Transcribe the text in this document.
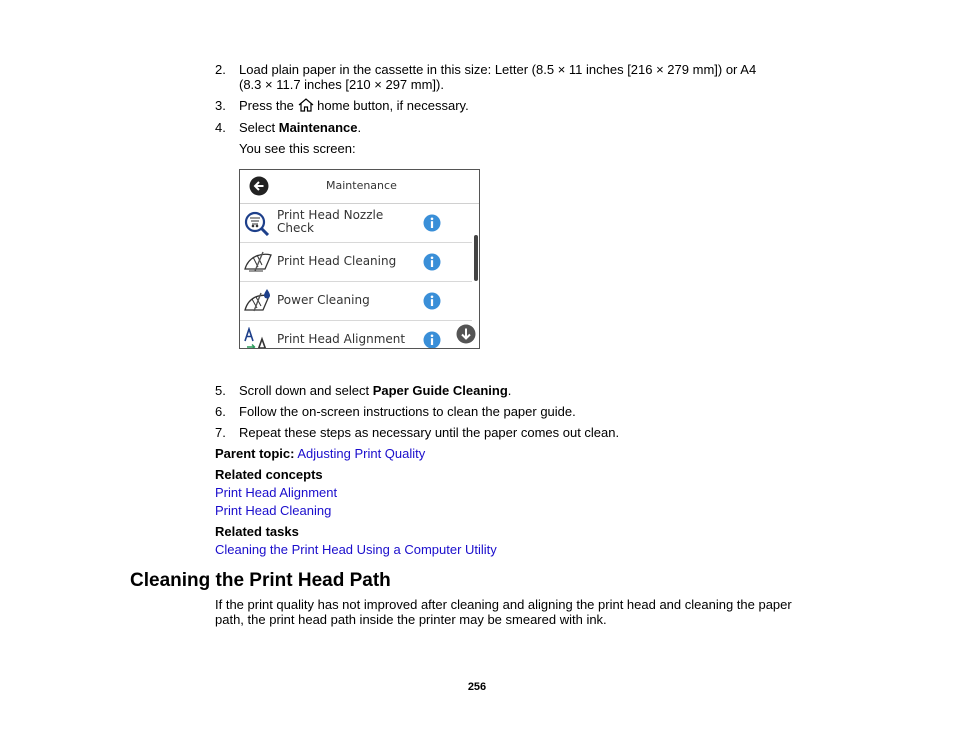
2. Load plain paper in the cassette in this size: Letter (8.5 × 11 inches [216 × 279 mm]) or A4
(8.3 × 11.7 inches [210 × 297 mm]).
3. Press the home button, if necessary.
4. Select Maintenance.
You see this screen:
Maintenance
Print Head Nozzle
Check
Print Head Cleaning
Power Cleaning
Print Head Alignment
5. Scroll down and select Paper Guide Cleaning.
6. Follow the on-screen instructions to clean the paper guide.
7. Repeat these steps as necessary until the paper comes out clean.
Parent topic: Adjusting Print Quality
Related concepts
Print Head Alignment
Print Head Cleaning
Related tasks
Cleaning the Print Head Using a Computer Utility
Cleaning the Print Head Path
If the print quality has not improved after cleaning and aligning the print head and cleaning the paper
path, the print head path inside the printer may be smeared with ink.
256
